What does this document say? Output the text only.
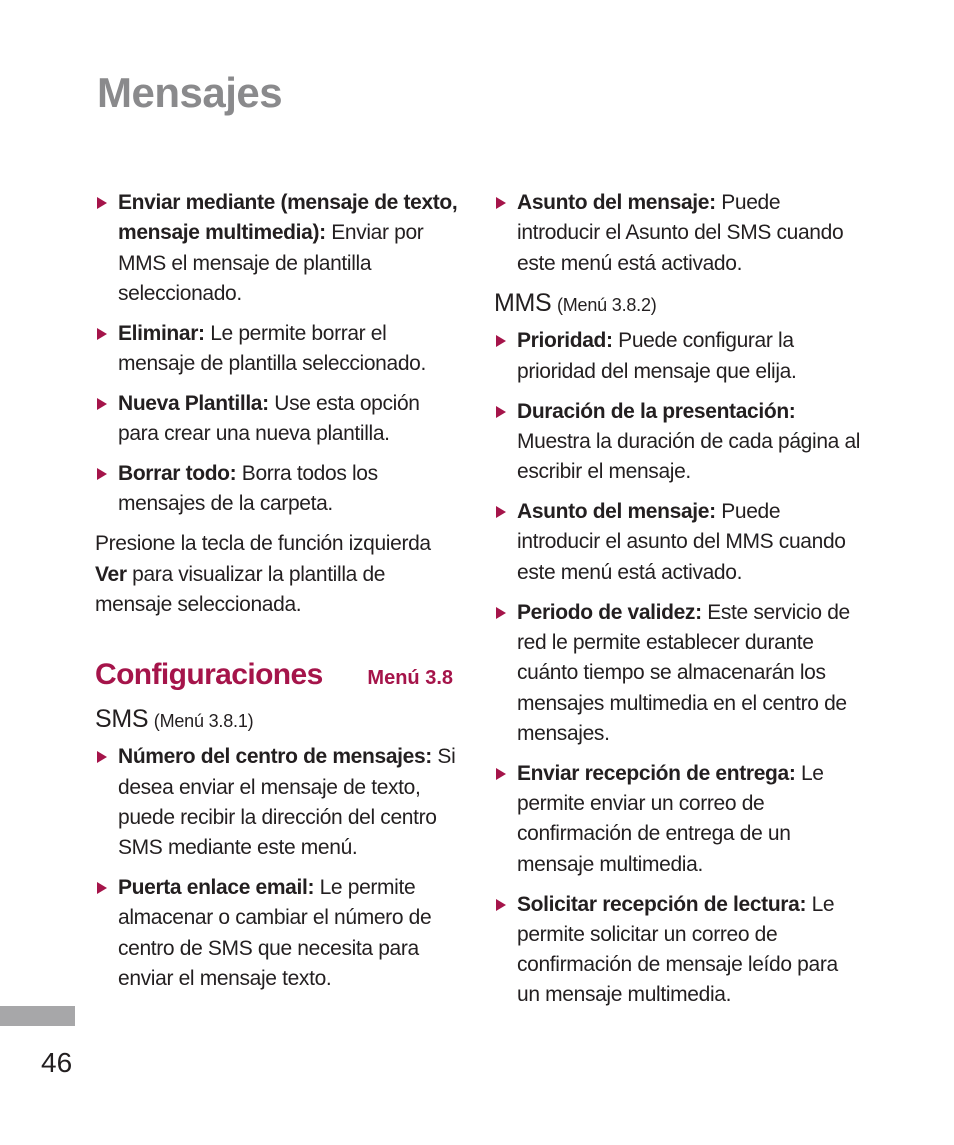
Mensajes
Enviar mediante (mensaje de texto, mensaje multimedia): Enviar por MMS el mensaje de plantilla seleccionado.
Eliminar: Le permite borrar el mensaje de plantilla seleccionado.
Nueva Plantilla: Use esta opción para crear una nueva plantilla.
Borrar todo: Borra todos los mensajes de la carpeta.
Presione la tecla de función izquierda Ver para visualizar la plantilla de mensaje seleccionada.
Configuraciones Menú 3.8
SMS (Menú 3.8.1)
Número del centro de mensajes: Si desea enviar el mensaje de texto, puede recibir la dirección del centro SMS mediante este menú.
Puerta enlace email: Le permite almacenar o cambiar el número de centro de SMS que necesita para enviar el mensaje texto.
Asunto del mensaje: Puede introducir el Asunto del SMS cuando este menú está activado.
MMS (Menú 3.8.2)
Prioridad: Puede configurar la prioridad del mensaje que elija.
Duración de la presentación: Muestra la duración de cada página al escribir el mensaje.
Asunto del mensaje: Puede introducir el asunto del MMS cuando este menú está activado.
Periodo de validez: Este servicio de red le permite establecer durante cuánto tiempo se almacenarán los mensajes multimedia en el centro de mensajes.
Enviar recepción de entrega: Le permite enviar un correo de confirmación de entrega de un mensaje multimedia.
Solicitar recepción de lectura: Le permite solicitar un correo de confirmación de mensaje leído para un mensaje multimedia.
46
